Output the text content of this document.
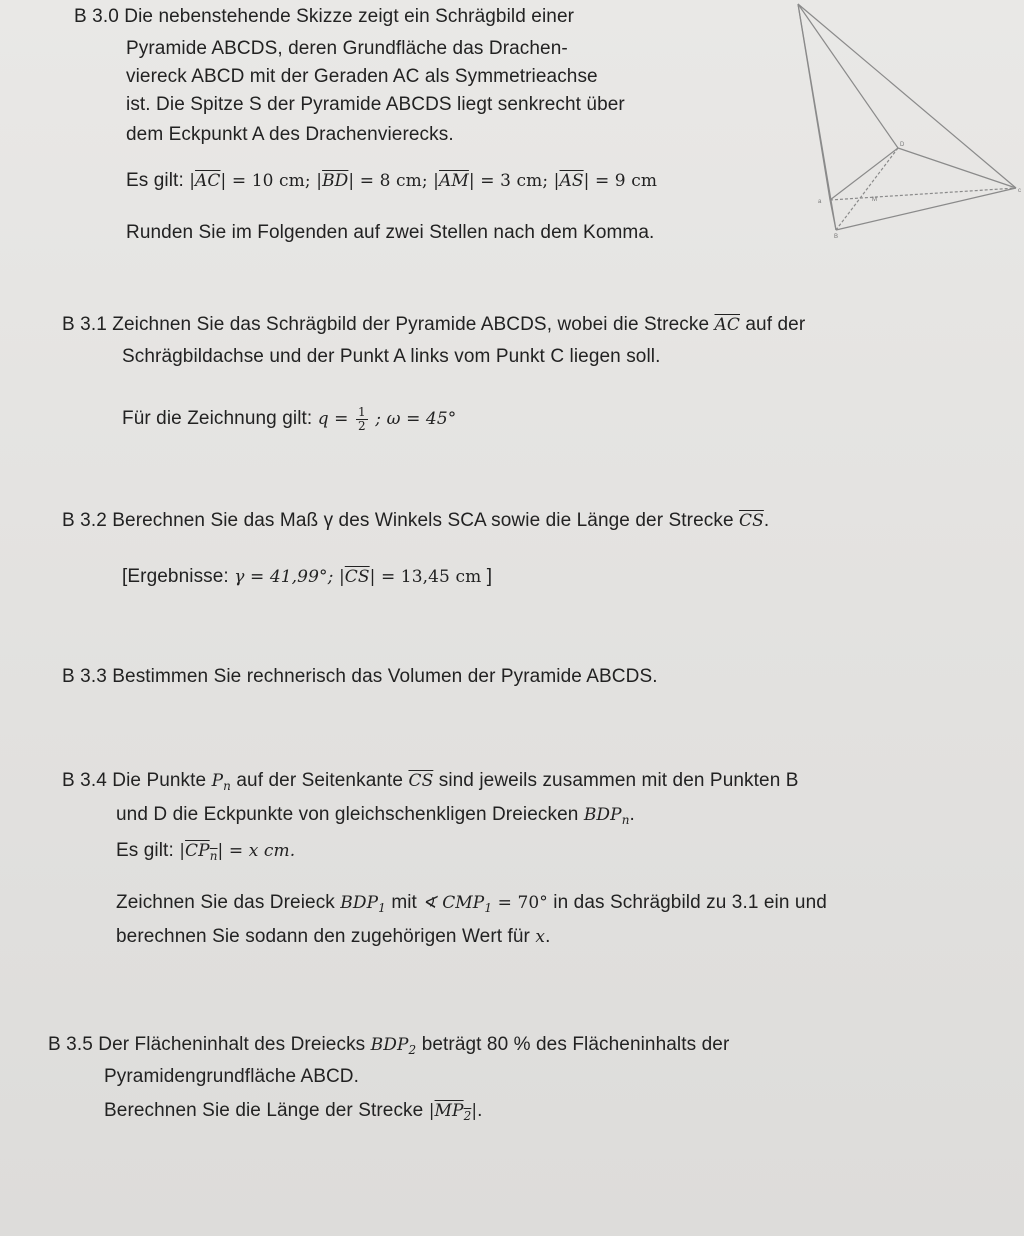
B 3.0 Die nebenstehende Skizze zeigt ein Schrägbild einer
Pyramide ABCDS, deren Grundfläche das Drachen-
viereck ABCD mit der Geraden AC als Symmetrieachse
ist. Die Spitze S der Pyramide ABCDS liegt senkrecht über
dem Eckpunkt A des Drachenvierecks.
Es gilt: $|\overline{AC}| = 10$ cm; $|\overline{BD}| = 8$ cm; $|\overline{AM}| = 3$ cm; $|\overline{AS}| = 9$ cm
Runden Sie im Folgenden auf zwei Stellen nach dem Komma.
a
c
M
D
B
B 3.1 Zeichnen Sie das Schrägbild der Pyramide ABCDS, wobei die Strecke $\overline{AC}$ auf der
Schrägbildachse und der Punkt A links vom Punkt C liegen soll.
Für die Zeichnung gilt: $q = \frac{1}{2}$ ; ω = 45°
B 3.2 Berechnen Sie das Maß γ des Winkels SCA sowie die Länge der Strecke $\overline{CS}$.
[Ergebnisse: γ = 41,99°; $|\overline{CS}| = 13,45$ cm ]
B 3.3 Bestimmen Sie rechnerisch das Volumen der Pyramide ABCDS.
B 3.4 Die Punkte $P_n$ auf der Seitenkante $\overline{CS}$ sind jeweils zusammen mit den Punkten B
und D die Eckpunkte von gleichschenkligen Dreiecken $BDP_n$.
Es gilt: $|CP_n| = x$ cm.
Zeichnen Sie das Dreieck $BDP_1$ mit ∢ $CMP_1 = 70^\circ$ in das Schrägbild zu 3.1 ein und
berechnen Sie sodann den zugehörigen Wert für x.
B 3.5 Der Flächeninhalt des Dreiecks $BDP_2$ beträgt 80 % des Flächeninhalts der
Pyramidengrundfläche ABCD.
Berechnen Sie die Länge der Strecke $|MP_2|$.
